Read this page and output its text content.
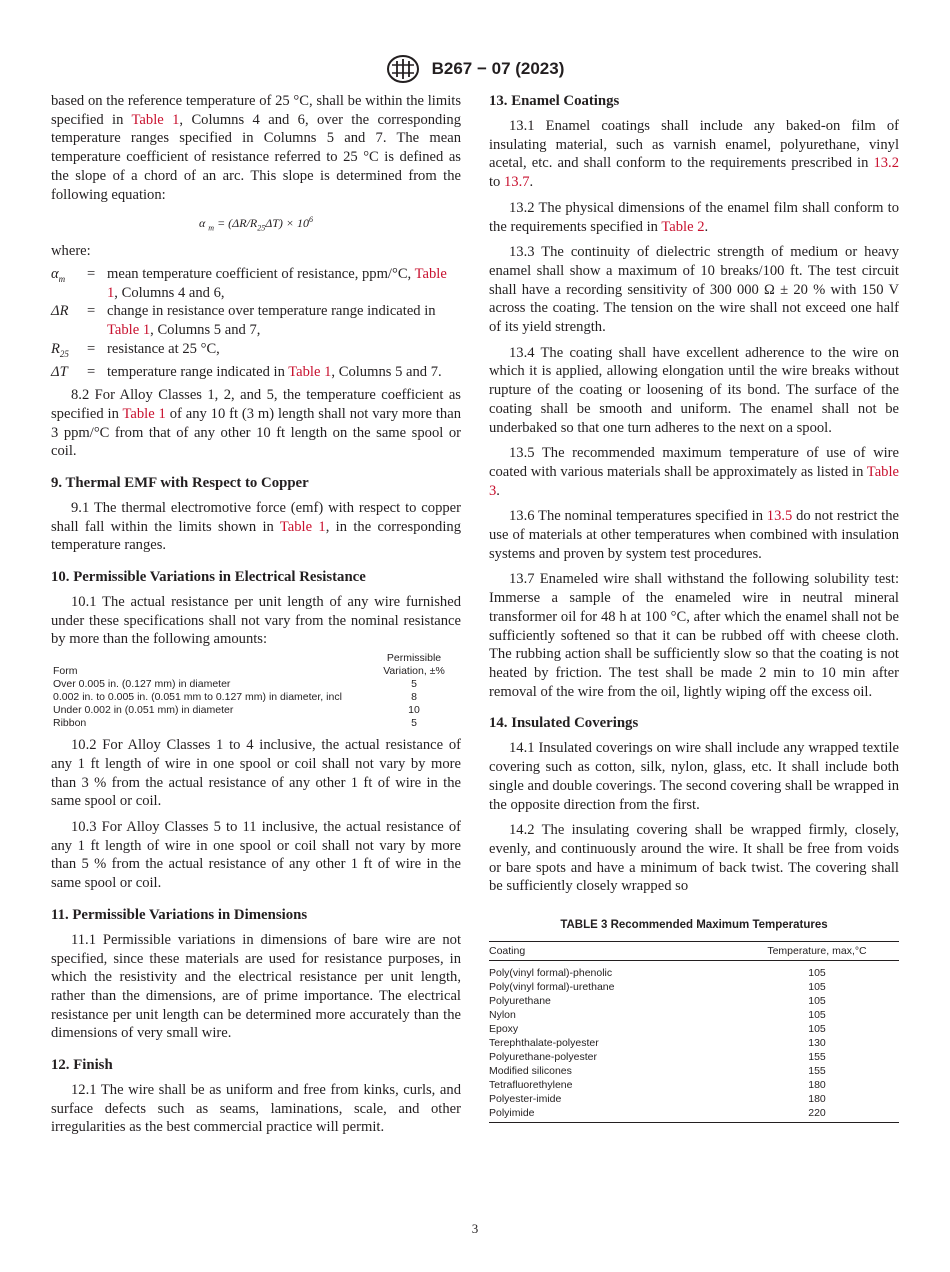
B267 − 07 (2023)

based on the reference temperature of 25 °C, shall be within the limits specified in Table 1, Columns 4 and 6, over the corresponding temperature ranges specified in Columns 5 and 7. The mean temperature coefficient of resistance referred to 25 °C is defined as the slope of a chord of an arc. This slope is determined from the following equation:

α $_m = (\Delta R/R_{25}\Delta T) \times 10^6$
where:
$\alpha_m$	=	mean temperature coefficient of resistance, ppm/°C, Table 1, Columns 4 and 6,
ΔR	=	change in resistance over temperature range indicated in Table 1, Columns 5 and 7,
$R_{25}$	=	resistance at 25 °C,
ΔT	=	temperature range indicated in Table 1, Columns 5 and 7.

8.2 For Alloy Classes 1, 2, and 5, the temperature coefficient as specified in Table 1 of any 10 ft (3 m) length shall not vary more than 3 ppm/°C from that of any other 10 ft length on the same spool or coil.

9. Thermal EMF with Respect to Copper

9.1 The thermal electromotive force (emf) with respect to copper shall fall within the limits shown in Table 1, in the corresponding temperature ranges.

10. Permissible Variations in Electrical Resistance

10.1 The actual resistance per unit length of any wire furnished under these specifications shall not vary from the nominal resistance by more than the following amounts:

Form	Permissible Variation, ±%
Over 0.005 in. (0.127 mm) in diameter	5
0.002 in. to 0.005 in. (0.051 mm to 0.127 mm) in diameter, incl	8
Under 0.002 in (0.051 mm) in diameter	10
Ribbon	5

10.2 For Alloy Classes 1 to 4 inclusive, the actual resistance of any 1 ft length of wire in one spool or coil shall not vary by more than 3 % from the actual resistance of any other 1 ft of wire in the same spool or coil.

10.3 For Alloy Classes 5 to 11 inclusive, the actual resistance of any 1 ft length of wire in one spool or coil shall not vary by more than 5 % from the actual resistance of any other 1 ft of wire in the same spool or coil.

11. Permissible Variations in Dimensions

11.1 Permissible variations in dimensions of bare wire are not specified, since these materials are used for resistance purposes, in which the resistivity and the electrical resistance per unit length, rather than the dimensions, are of prime importance. The electrical resistance per unit length can be determined more accurately than the dimensions of very small wire.

12. Finish

12.1 The wire shall be as uniform and free from kinks, curls, and surface defects such as seams, laminations, scale, and other irregularities as the best commercial practice will permit.

13. Enamel Coatings

13.1 Enamel coatings shall include any baked-on film of insulating material, such as varnish enamel, polyurethane, vinyl acetal, etc. and shall conform to the requirements prescribed in 13.2 to 13.7.

13.2 The physical dimensions of the enamel film shall conform to the requirements specified in Table 2.

13.3 The continuity of dielectric strength of medium or heavy enamel shall show a maximum of 10 breaks/100 ft. The test circuit shall have a recording sensitivity of 300 000 Ω ± 20 % with 150 V across the coating. The tension on the wire shall not exceed one half of its yield strength.

13.4 The coating shall have excellent adherence to the wire on which it is applied, allowing elongation until the wire breaks without rupture of the coating or loosening of its bond. The surface of the coating shall be smooth and uniform. The enamel shall not be underbaked so that one turn adheres to the next on a spool.

13.5 The recommended maximum temperature of use of wire coated with various materials shall be approximately as listed in Table 3.

13.6 The nominal temperatures specified in 13.5 do not restrict the use of materials at other temperatures when combined with insulation systems and proven by system test procedures.

13.7 Enameled wire shall withstand the following solubility test: Immerse a sample of the enameled wire in neutral mineral transformer oil for 48 h at 100 °C, after which the enamel shall not be sufficiently softened so that it can be rubbed off with cheese cloth. The rubbing action shall be sufficiently slow so that the coating is not heated by friction. The test shall be made 2 min to 10 min after removal of the wire from the oil, lightly wiping off the excess oil.

14. Insulated Coverings

14.1 Insulated coverings on wire shall include any wrapped textile covering such as cotton, silk, nylon, glass, etc. It shall include both single and double coverings. The second covering shall be wrapped in the opposite direction from the first.

14.2 The insulating covering shall be wrapped firmly, closely, evenly, and continuously around the wire. It shall be free from voids or bare spots and have a minimum of back twist. The covering shall be sufficiently closely wrapped so

TABLE 3 Recommended Maximum Temperatures
Coating	Temperature, max,°C
Poly(vinyl formal)-phenolic	105
Poly(vinyl formal)-urethane	105
Polyurethane	105
Nylon	105
Epoxy	105
Terephthalate-polyester	130
Polyurethane-polyester	155
Modified silicones	155
Tetrafluorethylene	180
Polyester-imide	180
Polyimide	220
3
